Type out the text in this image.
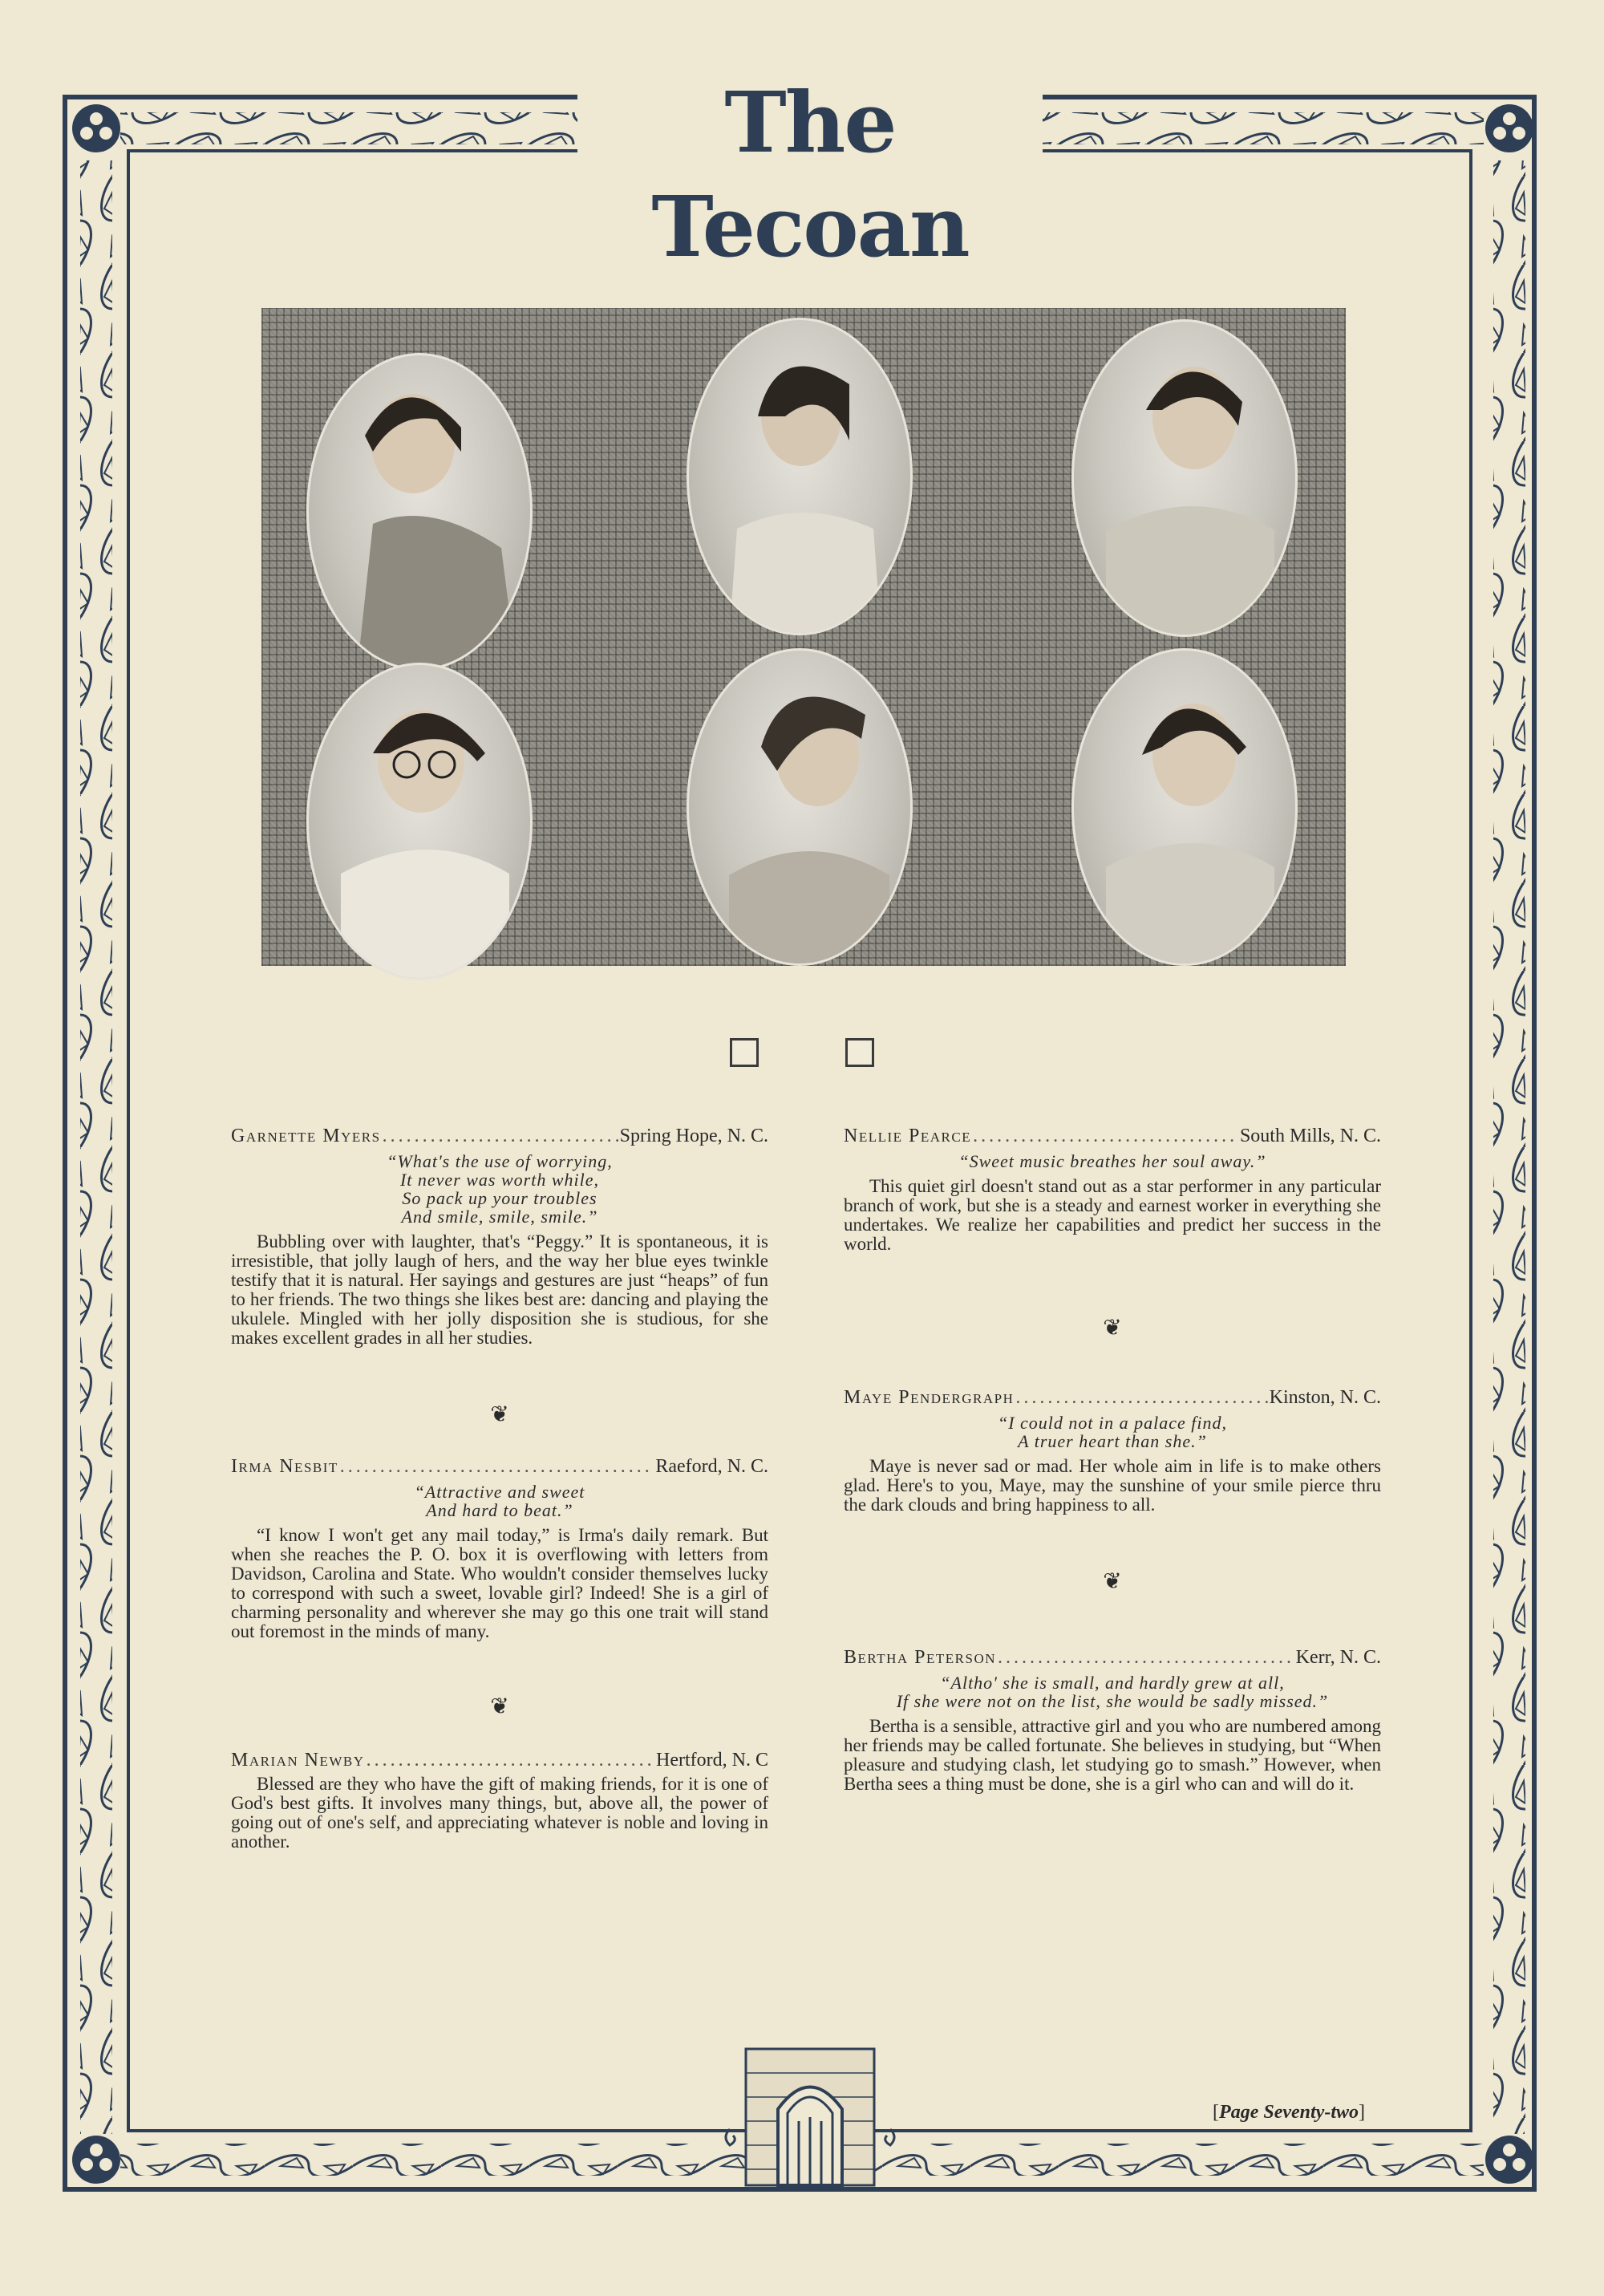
The Tecoan
Garnette Myers .....	Spring Hope, N. C.
“What's the use of worrying,
It never was worth while,
So pack up your troubles
And smile, smile, smile.”
Bubbling over with laughter, that's “Peggy.” It is spontaneous, it is irresistible, that jolly laugh of hers, and the way her blue eyes twinkle testify that it is natural. Her sayings and gestures are just “heaps” of fun to her friends. The two things she likes best are: dancing and playing the ukulele. Mingled with her jolly disposition she is studious, for she makes excellent grades in all her studies.
❦
Irma Nesbit .....	Raeford, N. C.
“Attractive and sweet
And hard to beat.”
“I know I won't get any mail today,” is Irma's daily remark. But when she reaches the P. O. box it is overflowing with letters from Davidson, Carolina and State. Who wouldn't consider themselves lucky to correspond with such a sweet, lovable girl? Indeed! She is a girl of charming personality and wherever she may go this one trait will stand out foremost in the minds of many.
❦
Marian Newby .....	Hertford, N. C
Blessed are they who have the gift of making friends, for it is one of God's best gifts. It involves many things, but, above all, the power of going out of one's self, and appreciating whatever is noble and loving in another.
Nellie Pearce .....	South Mills, N. C.
“Sweet music breathes her soul away.”
This quiet girl doesn't stand out as a star performer in any particular branch of work, but she is a steady and earnest worker in everything she undertakes. We realize her capabilities and predict her success in the world.
❦
Maye Pendergraph .....	Kinston, N. C.
“I could not in a palace find,
A truer heart than she.”
Maye is never sad or mad. Her whole aim in life is to make others glad. Here's to you, Maye, may the sunshine of your smile pierce thru the dark clouds and bring happiness to all.
❦
Bertha Peterson .....	Kerr, N. C.
“Altho' she is small, and hardly grew at all,
If she were not on the list, she would be sadly missed.”
Bertha is a sensible, attractive girl and you who are numbered among her friends may be called fortunate. She believes in studying, but “When pleasure and studying clash, let studying go to smash.” However, when Bertha sees a thing must be done, she is a girl who can and will do it.
[Page Seventy-two]
